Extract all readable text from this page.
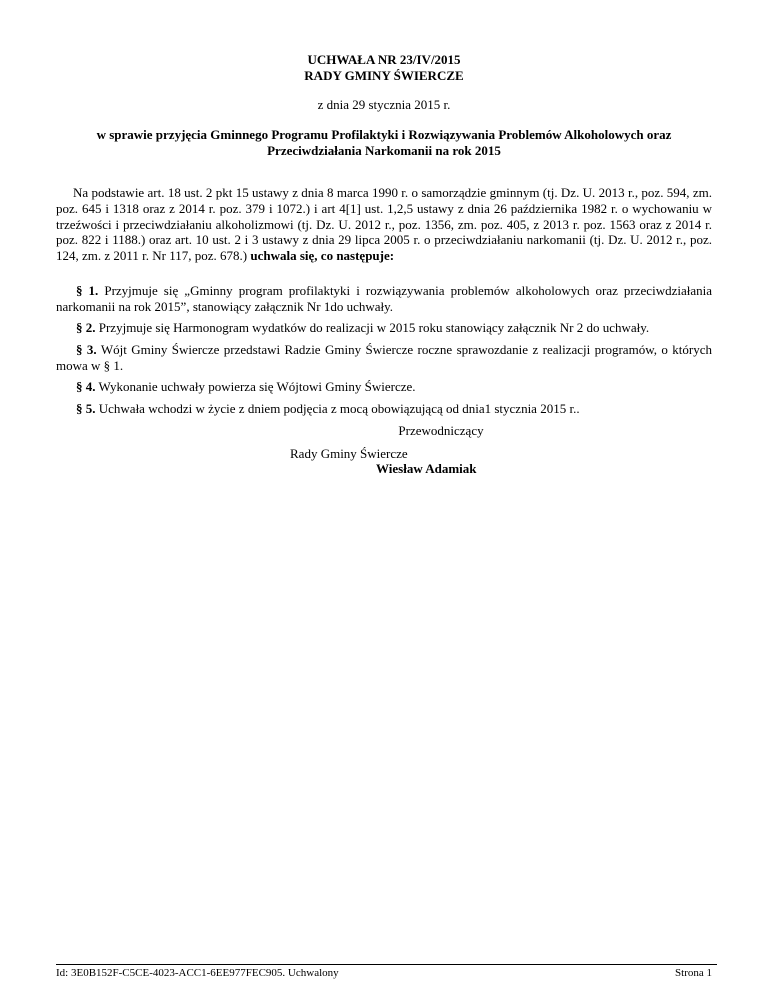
UCHWAŁA NR 23/IV/2015
RADY GMINY ŚWIERCZE
z dnia 29 stycznia 2015 r.
w sprawie przyjęcia Gminnego Programu Profilaktyki i Rozwiązywania Problemów Alkoholowych oraz Przeciwdziałania Narkomanii na rok 2015
Na podstawie art. 18 ust. 2 pkt 15 ustawy z dnia 8 marca 1990 r. o samorządzie gminnym (tj. Dz. U. 2013 r., poz. 594, zm. poz. 645 i 1318 oraz z 2014 r. poz. 379 i 1072.) i art 4[1] ust. 1,2,5 ustawy z dnia 26 października 1982 r. o wychowaniu w trzeźwości i przeciwdziałaniu alkoholizmowi (tj. Dz. U. 2012 r., poz. 1356, zm. poz. 405, z 2013 r. poz. 1563 oraz z 2014 r. poz. 822 i 1188.) oraz art. 10 ust. 2 i 3 ustawy z dnia 29 lipca 2005 r. o przeciwdziałaniu narkomanii (tj. Dz. U. 2012 r., poz. 124, zm. z 2011 r. Nr 117, poz. 678.) uchwala się, co następuje:
§ 1. Przyjmuje się „Gminny program profilaktyki i rozwiązywania problemów alkoholowych oraz przeciwdziałania narkomanii na rok 2015”, stanowiący załącznik Nr 1do uchwały.
§ 2. Przyjmuje się Harmonogram wydatków do realizacji w 2015 roku stanowiący załącznik Nr 2 do uchwały.
§ 3. Wójt Gminy Świercze przedstawi Radzie Gminy Świercze roczne sprawozdanie z realizacji programów, o których mowa w § 1.
§ 4. Wykonanie uchwały powierza się Wójtowi Gminy Świercze.
§ 5. Uchwała wchodzi w życie z dniem podjęcia z mocą obowiązującą od dnia1 stycznia 2015 r..
Przewodniczący
Rady Gminy Świercze
Wiesław Adamiak
Id: 3E0B152F-C5CE-4023-ACC1-6EE977FEC905. Uchwalony	Strona 1
